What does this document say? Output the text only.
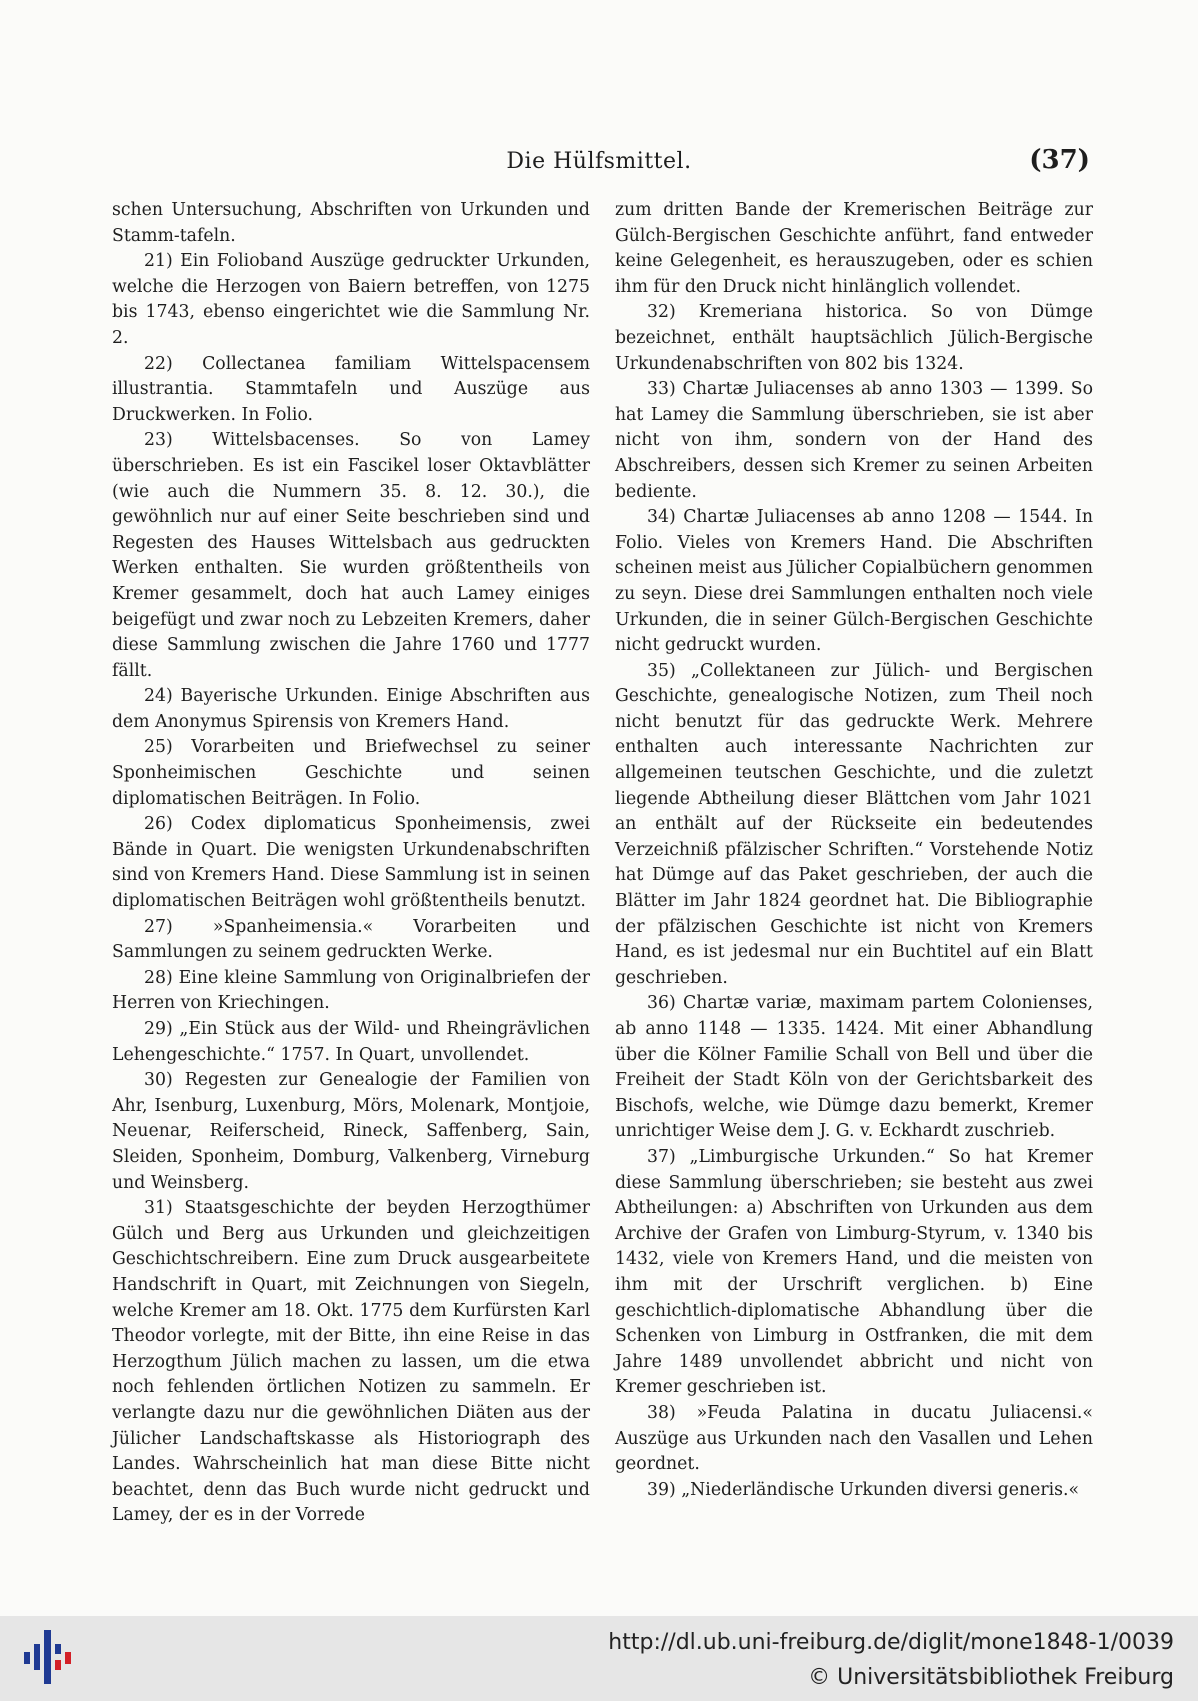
Die Hülfsmittel.	(37)

schen Untersuchung, Abschriften von Urkunden und Stamm-tafeln.

21) Ein Folioband Auszüge gedruckter Urkunden, welche die Herzogen von Baiern betreffen, von 1275 bis 1743, ebenso eingerichtet wie die Sammlung Nr. 2.

22) Collectanea familiam Wittelspacensem illustrantia. Stammtafeln und Auszüge aus Druckwerken. In Folio.

23) Wittelsbacenses. So von Lamey überschrieben. Es ist ein Fascikel loser Oktavblätter (wie auch die Nummern 35. 8. 12. 30.), die gewöhnlich nur auf einer Seite beschrieben sind und Regesten des Hauses Wittelsbach aus gedruckten Werken enthalten. Sie wurden größtentheils von Kremer gesammelt, doch hat auch Lamey einiges beigefügt und zwar noch zu Lebzeiten Kremers, daher diese Sammlung zwischen die Jahre 1760 und 1777 fällt.

24) Bayerische Urkunden. Einige Abschriften aus dem Anonymus Spirensis von Kremers Hand.

25) Vorarbeiten und Briefwechsel zu seiner Sponheimischen Geschichte und seinen diplomatischen Beiträgen. In Folio.

26) Codex diplomaticus Sponheimensis, zwei Bände in Quart. Die wenigsten Urkundenabschriften sind von Kremers Hand. Diese Sammlung ist in seinen diplomatischen Beiträgen wohl größtentheils benutzt.

27) »Spanheimensia.« Vorarbeiten und Sammlungen zu seinem gedruckten Werke.

28) Eine kleine Sammlung von Originalbriefen der Herren von Kriechingen.

29) „Ein Stück aus der Wild- und Rheingrävlichen Lehengeschichte.“ 1757. In Quart, unvollendet.

30) Regesten zur Genealogie der Familien von Ahr, Isenburg, Luxenburg, Mörs, Molenark, Montjoie, Neuenar, Reiferscheid, Rineck, Saffenberg, Sain, Sleiden, Sponheim, Domburg, Valkenberg, Virneburg und Weinsberg.

31) Staatsgeschichte der beyden Herzogthümer Gülch und Berg aus Urkunden und gleichzeitigen Geschichtschreibern. Eine zum Druck ausgearbeitete Handschrift in Quart, mit Zeichnungen von Siegeln, welche Kremer am 18. Okt. 1775 dem Kurfürsten Karl Theodor vorlegte, mit der Bitte, ihn eine Reise in das Herzogthum Jülich machen zu lassen, um die etwa noch fehlenden örtlichen Notizen zu sammeln. Er verlangte dazu nur die gewöhnlichen Diäten aus der Jülicher Landschaftskasse als Historiograph des Landes. Wahrscheinlich hat man diese Bitte nicht beachtet, denn das Buch wurde nicht gedruckt und Lamey, der es in der Vorrede

zum dritten Bande der Kremerischen Beiträge zur Gülch-Bergischen Geschichte anführt, fand entweder keine Gelegenheit, es herauszugeben, oder es schien ihm für den Druck nicht hinlänglich vollendet.

32) Kremeriana historica. So von Dümge bezeichnet, enthält hauptsächlich Jülich-Bergische Urkundenabschriften von 802 bis 1324.

33) Chartæ Juliacenses ab anno 1303 — 1399. So hat Lamey die Sammlung überschrieben, sie ist aber nicht von ihm, sondern von der Hand des Abschreibers, dessen sich Kremer zu seinen Arbeiten bediente.

34) Chartæ Juliacenses ab anno 1208 — 1544. In Folio. Vieles von Kremers Hand. Die Abschriften scheinen meist aus Jülicher Copialbüchern genommen zu seyn. Diese drei Sammlungen enthalten noch viele Urkunden, die in seiner Gülch-Bergischen Geschichte nicht gedruckt wurden.

35) „Collektaneen zur Jülich- und Bergischen Geschichte, genealogische Notizen, zum Theil noch nicht benutzt für das gedruckte Werk. Mehrere enthalten auch interessante Nachrichten zur allgemeinen teutschen Geschichte, und die zuletzt liegende Abtheilung dieser Blättchen vom Jahr 1021 an enthält auf der Rückseite ein bedeutendes Verzeichniß pfälzischer Schriften.“ Vorstehende Notiz hat Dümge auf das Paket geschrieben, der auch die Blätter im Jahr 1824 geordnet hat. Die Bibliographie der pfälzischen Geschichte ist nicht von Kremers Hand, es ist jedesmal nur ein Buchtitel auf ein Blatt geschrieben.

36) Chartæ variæ, maximam partem Colonienses, ab anno 1148 — 1335. 1424. Mit einer Abhandlung über die Kölner Familie Schall von Bell und über die Freiheit der Stadt Köln von der Gerichtsbarkeit des Bischofs, welche, wie Dümge dazu bemerkt, Kremer unrichtiger Weise dem J. G. v. Eckhardt zuschrieb.

37) „Limburgische Urkunden.“ So hat Kremer diese Sammlung überschrieben; sie besteht aus zwei Abtheilungen: a) Abschriften von Urkunden aus dem Archive der Grafen von Limburg-Styrum, v. 1340 bis 1432, viele von Kremers Hand, und die meisten von ihm mit der Urschrift verglichen. b) Eine geschichtlich-diplomatische Abhandlung über die Schenken von Limburg in Ostfranken, die mit dem Jahre 1489 unvollendet abbricht und nicht von Kremer geschrieben ist.

38) »Feuda Palatina in ducatu Juliacensi.« Auszüge aus Urkunden nach den Vasallen und Lehen geordnet.

39) „Niederländische Urkunden diversi generis.«

http://dl.ub.uni-freiburg.de/diglit/mone1848-1/0039
© Universitätsbibliothek Freiburg
